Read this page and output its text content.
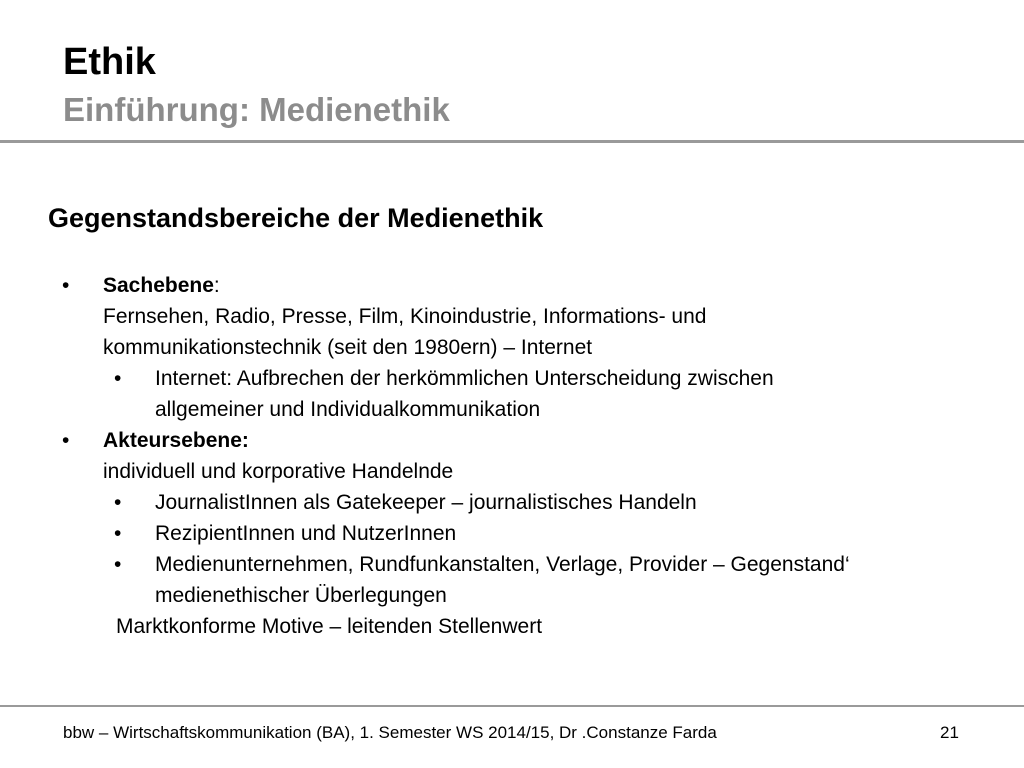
Ethik
Einführung: Medienethik
Gegenstandsbereiche der Medienethik
• Sachebene:
Fernsehen, Radio, Presse, Film, Kinoindustrie, Informations- und
kommunikationstechnik (seit den 1980ern) – Internet
• Internet: Aufbrechen der herkömmlichen Unterscheidung zwischen
allgemeiner und Individualkommunikation
• Akteursebene:
individuell und korporative Handelnde
• JournalistInnen als Gatekeeper – journalistisches Handeln
• RezipientInnen und NutzerInnen
• Medienunternehmen, Rundfunkanstalten, Verlage, Provider – Gegenstand‘
medienethischer Überlegungen
Marktkonforme Motive – leitenden Stellenwert
bbw – Wirtschaftskommunikation (BA), 1. Semester WS 2014/15, Dr .Constanze Farda	21
